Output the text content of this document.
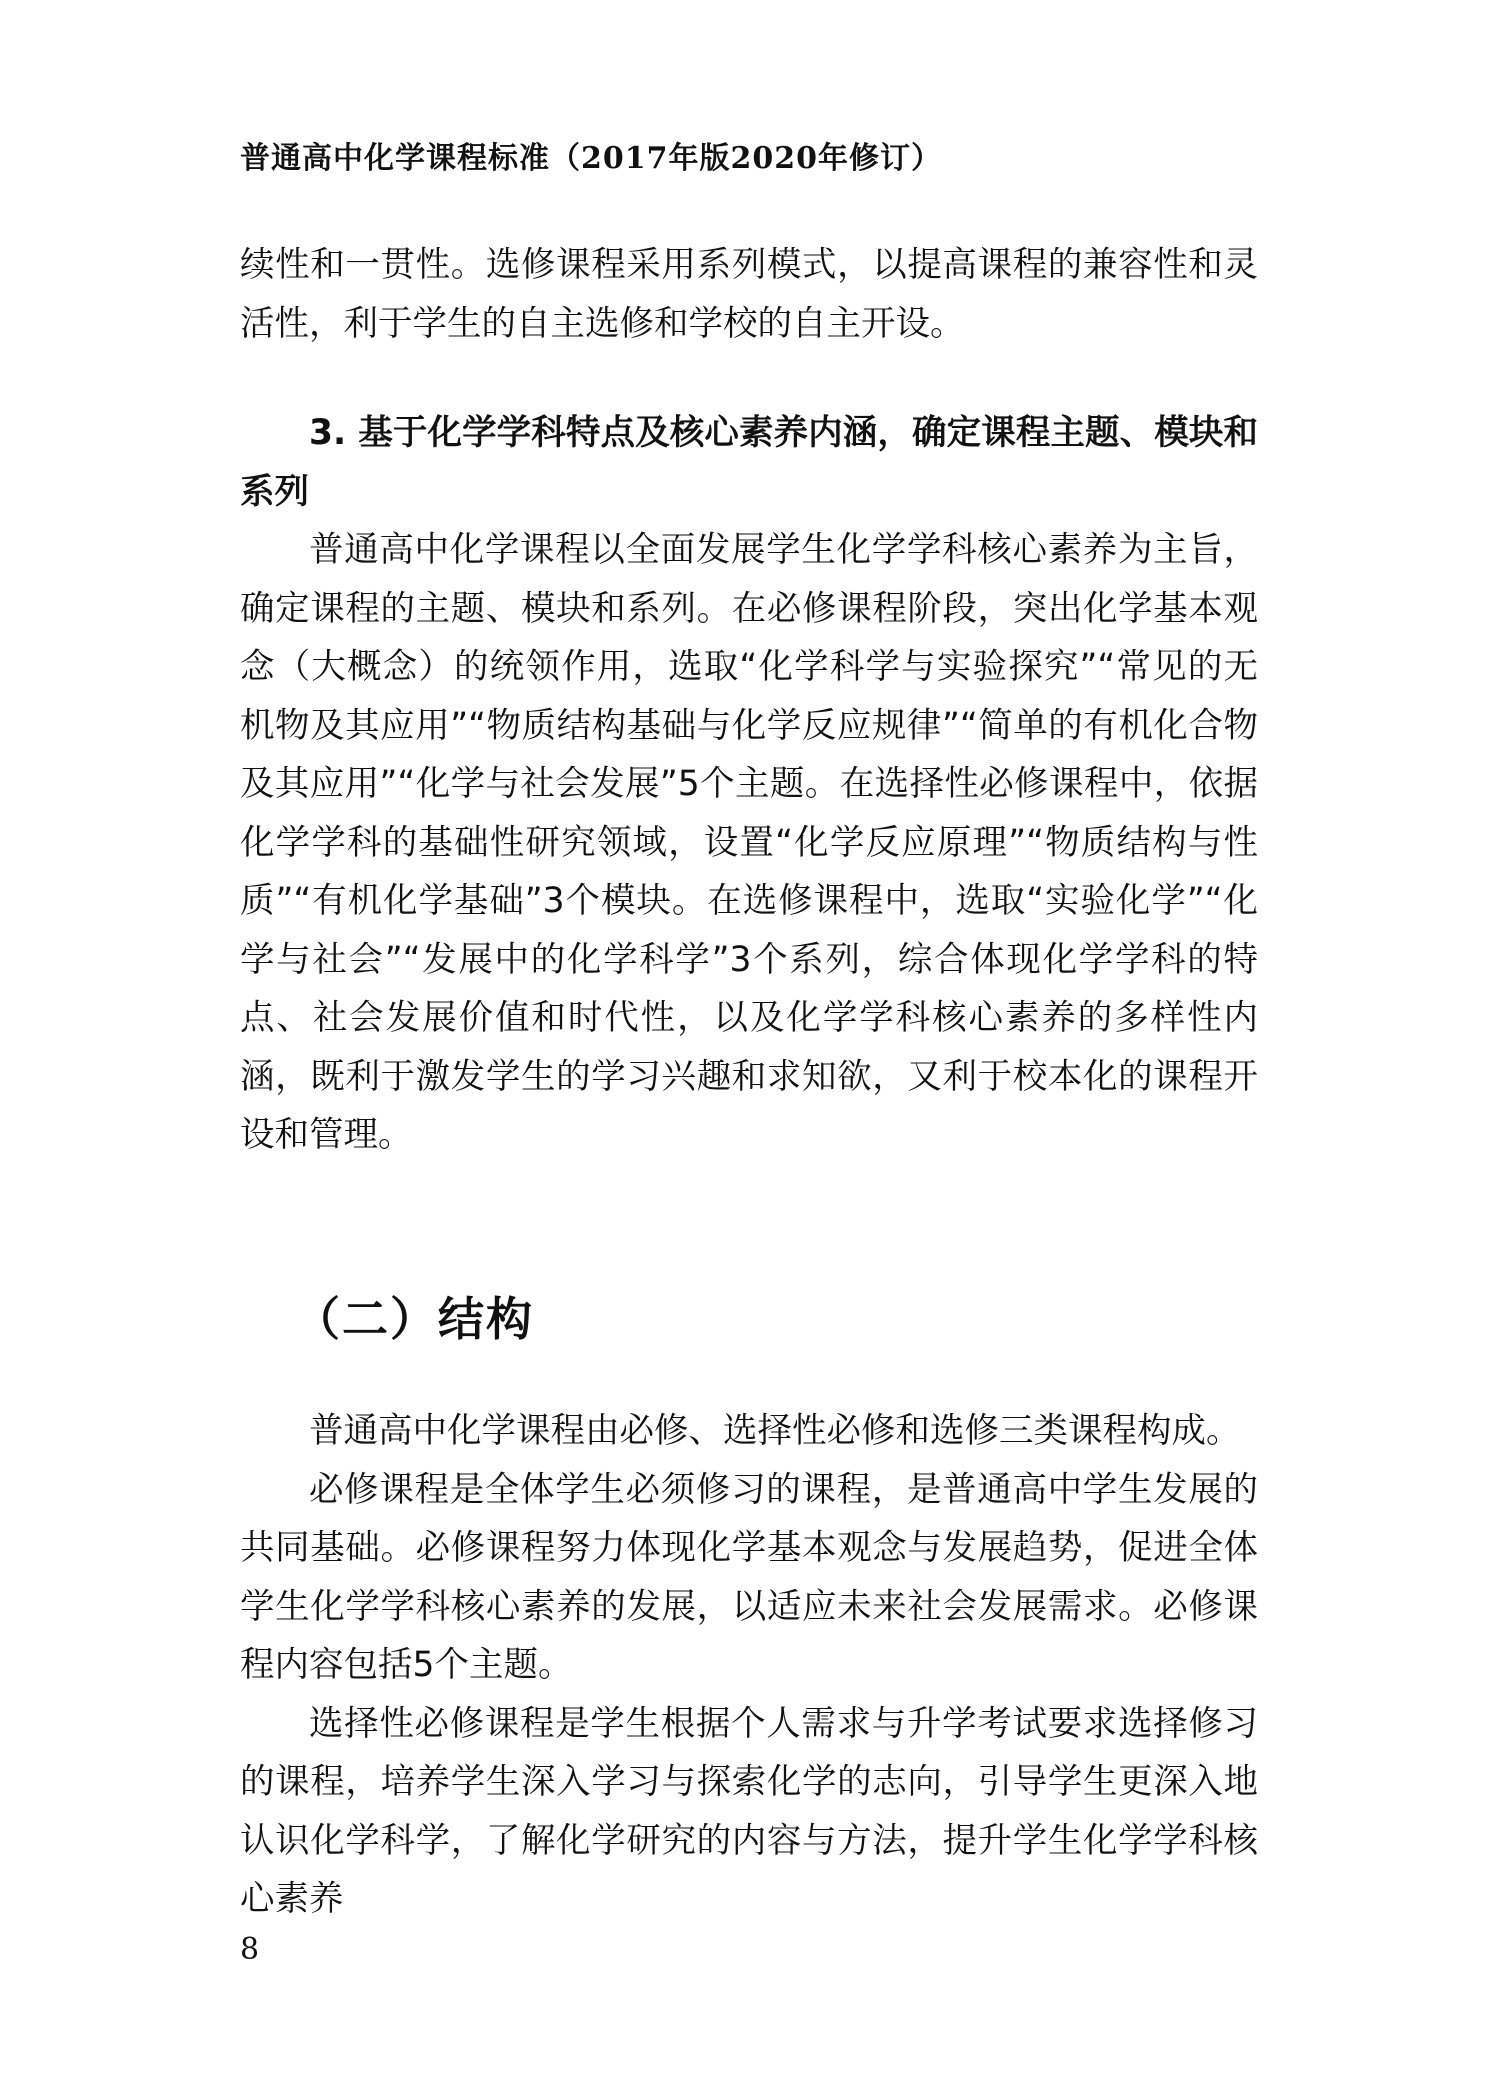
普通高中化学课程标准（2017年版2020年修订）

续性和一贯性。选修课程采用系列模式，以提高课程的兼容性和灵活性，利于学生的自主选修和学校的自主开设。

3. 基于化学学科特点及核心素养内涵，确定课程主题、模块和系列

普通高中化学课程以全面发展学生化学学科核心素养为主旨，确定课程的主题、模块和系列。在必修课程阶段，突出化学基本观念（大概念）的统领作用，选取“化学科学与实验探究”“常见的无机物及其应用”“物质结构基础与化学反应规律”“简单的有机化合物及其应用”“化学与社会发展”5个主题。在选择性必修课程中，依据化学学科的基础性研究领域，设置“化学反应原理”“物质结构与性质”“有机化学基础”3个模块。在选修课程中，选取“实验化学”“化学与社会”“发展中的化学科学”3个系列，综合体现化学学科的特点、社会发展价值和时代性，以及化学学科核心素养的多样性内涵，既利于激发学生的学习兴趣和求知欲，又利于校本化的课程开设和管理。

（二）结构

普通高中化学课程由必修、选择性必修和选修三类课程构成。

必修课程是全体学生必须修习的课程，是普通高中学生发展的共同基础。必修课程努力体现化学基本观念与发展趋势，促进全体学生化学学科核心素养的发展，以适应未来社会发展需求。必修课程内容包括5个主题。

选择性必修课程是学生根据个人需求与升学考试要求选择修习的课程，培养学生深入学习与探索化学的志向，引导学生更深入地认识化学科学，了解化学研究的内容与方法，提升学生化学学科核心素养

8
